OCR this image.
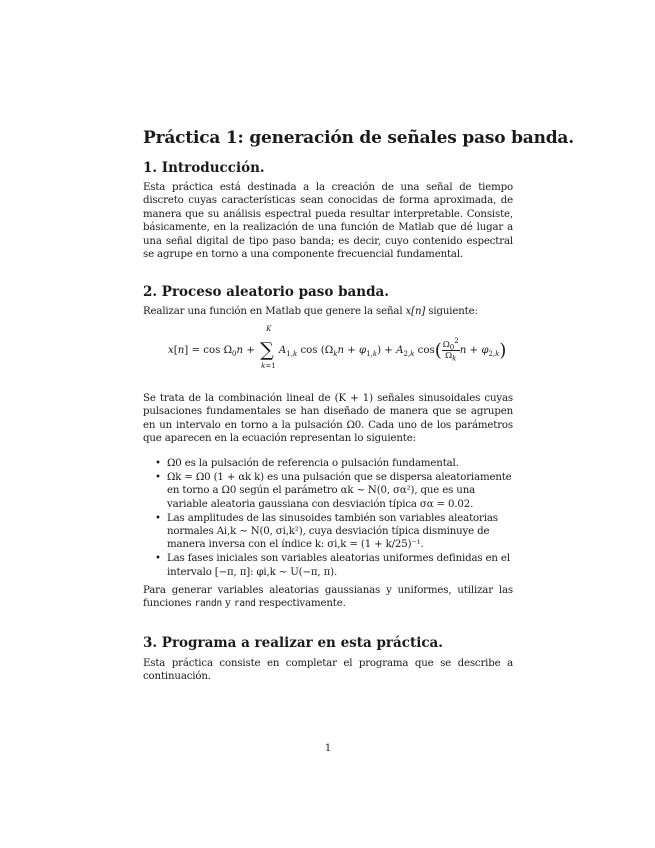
Práctica 1: generación de señales paso banda.
1. Introducción.
Esta práctica está destinada a la creación de una señal de tiempo discreto cuyas características sean conocidas de forma aproximada, de manera que su análisis espectral pueda resultar interpretable. Consiste, básicamente, en la realización de una función de Matlab que dé lugar a una señal digital de tipo paso banda; es decir, cuyo contenido espectral se agrupe en torno a una componente frecuencial fundamental.
2. Proceso aleatorio paso banda.
Realizar una función en Matlab que genere la señal x[n] siguiente:
$x[n] = \cos \Omega_0n$ + ∑
K
k=1
$A_{1,k}$ $\cos (\Omega_kn + \varphi_{1,k}) + A_{2,k}$ $\cos( \frac{\Omega_0^2}{\Omega_k}$ $n + \varphi_{2,k}$)
Se trata de la combinación lineal de (K + 1) señales sinusoidales cuyas pulsaciones fundamentales se han diseñado de manera que se agrupen en un intervalo en torno a la pulsación Ω0. Cada uno de los parámetros que aparecen en la ecuación representan lo siguiente:
• Ω0 es la pulsación de referencia o pulsación fundamental.
• Ωk = Ω0 (1 + αk k) es una pulsación que se dispersa aleatoriamente en torno a Ω0 según el parámetro αk ∼ N(0, σα²), que es una variable aleatoria gaussiana con desviación típica σα = 0.02.
• Las amplitudes de las sinusoides también son variables aleatorias normales Ai,k ∼ N(0, σi,k²), cuya desviación típica disminuye de manera inversa con el índice k: σi,k = (1 + k/25)⁻¹.
• Las fases iniciales son variables aleatorias uniformes definidas en el intervalo [−π, π]: φi,k ∼ U(−π, π).
Para generar variables aleatorias gaussianas y uniformes, utilizar las funciones randn y rand respectivamente.
3. Programa a realizar en esta práctica.
Esta práctica consiste en completar el programa que se describe a continuación.
1
